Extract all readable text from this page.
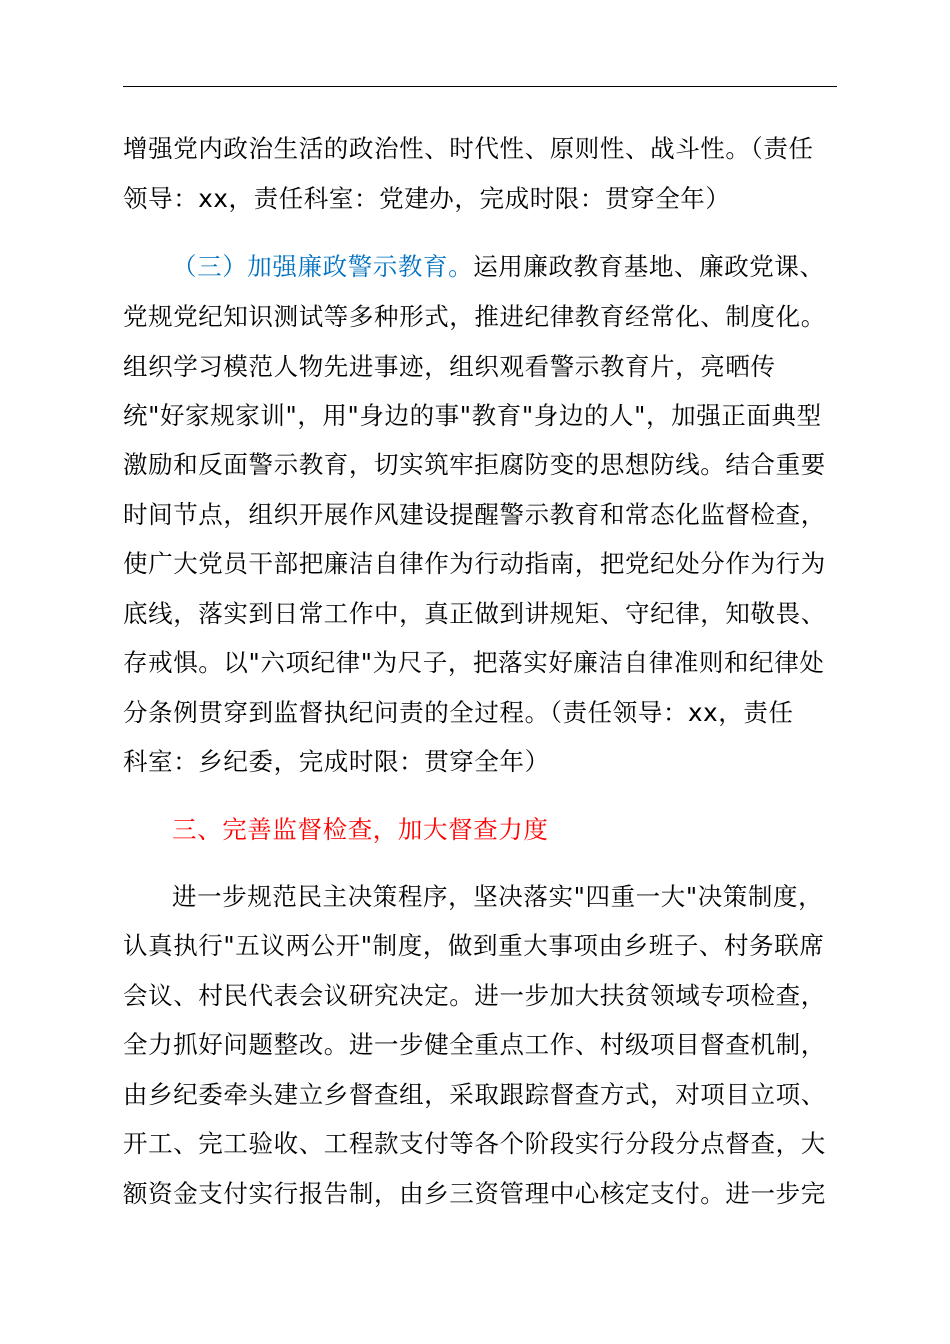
增强党内政治生活的政治性、时代性、原则性、战斗性。（责任
领导：xx，责任科室：党建办，完成时限：贯穿全年）
（三）加强廉政警示教育。运用廉政教育基地、廉政党课、
党规党纪知识测试等多种形式，推进纪律教育经常化、制度化。
组织学习模范人物先进事迹，组织观看警示教育片，亮晒传
统"好家规家训"，用"身边的事"教育"身边的人"，加强正面典型
激励和反面警示教育，切实筑牢拒腐防变的思想防线。结合重要
时间节点，组织开展作风建设提醒警示教育和常态化监督检查，
使广大党员干部把廉洁自律作为行动指南，把党纪处分作为行为
底线，落实到日常工作中，真正做到讲规矩、守纪律，知敬畏、
存戒惧。以"六项纪律"为尺子，把落实好廉洁自律准则和纪律处
分条例贯穿到监督执纪问责的全过程。（责任领导：xx，责任
科室：乡纪委，完成时限：贯穿全年）
三、完善监督检查，加大督查力度
进一步规范民主决策程序，坚决落实"四重一大"决策制度，
认真执行"五议两公开"制度，做到重大事项由乡班子、村务联席
会议、村民代表会议研究决定。进一步加大扶贫领域专项检查，
全力抓好问题整改。进一步健全重点工作、村级项目督查机制，
由乡纪委牵头建立乡督查组，采取跟踪督查方式，对项目立项、
开工、完工验收、工程款支付等各个阶段实行分段分点督查，大
额资金支付实行报告制，由乡三资管理中心核定支付。进一步完
